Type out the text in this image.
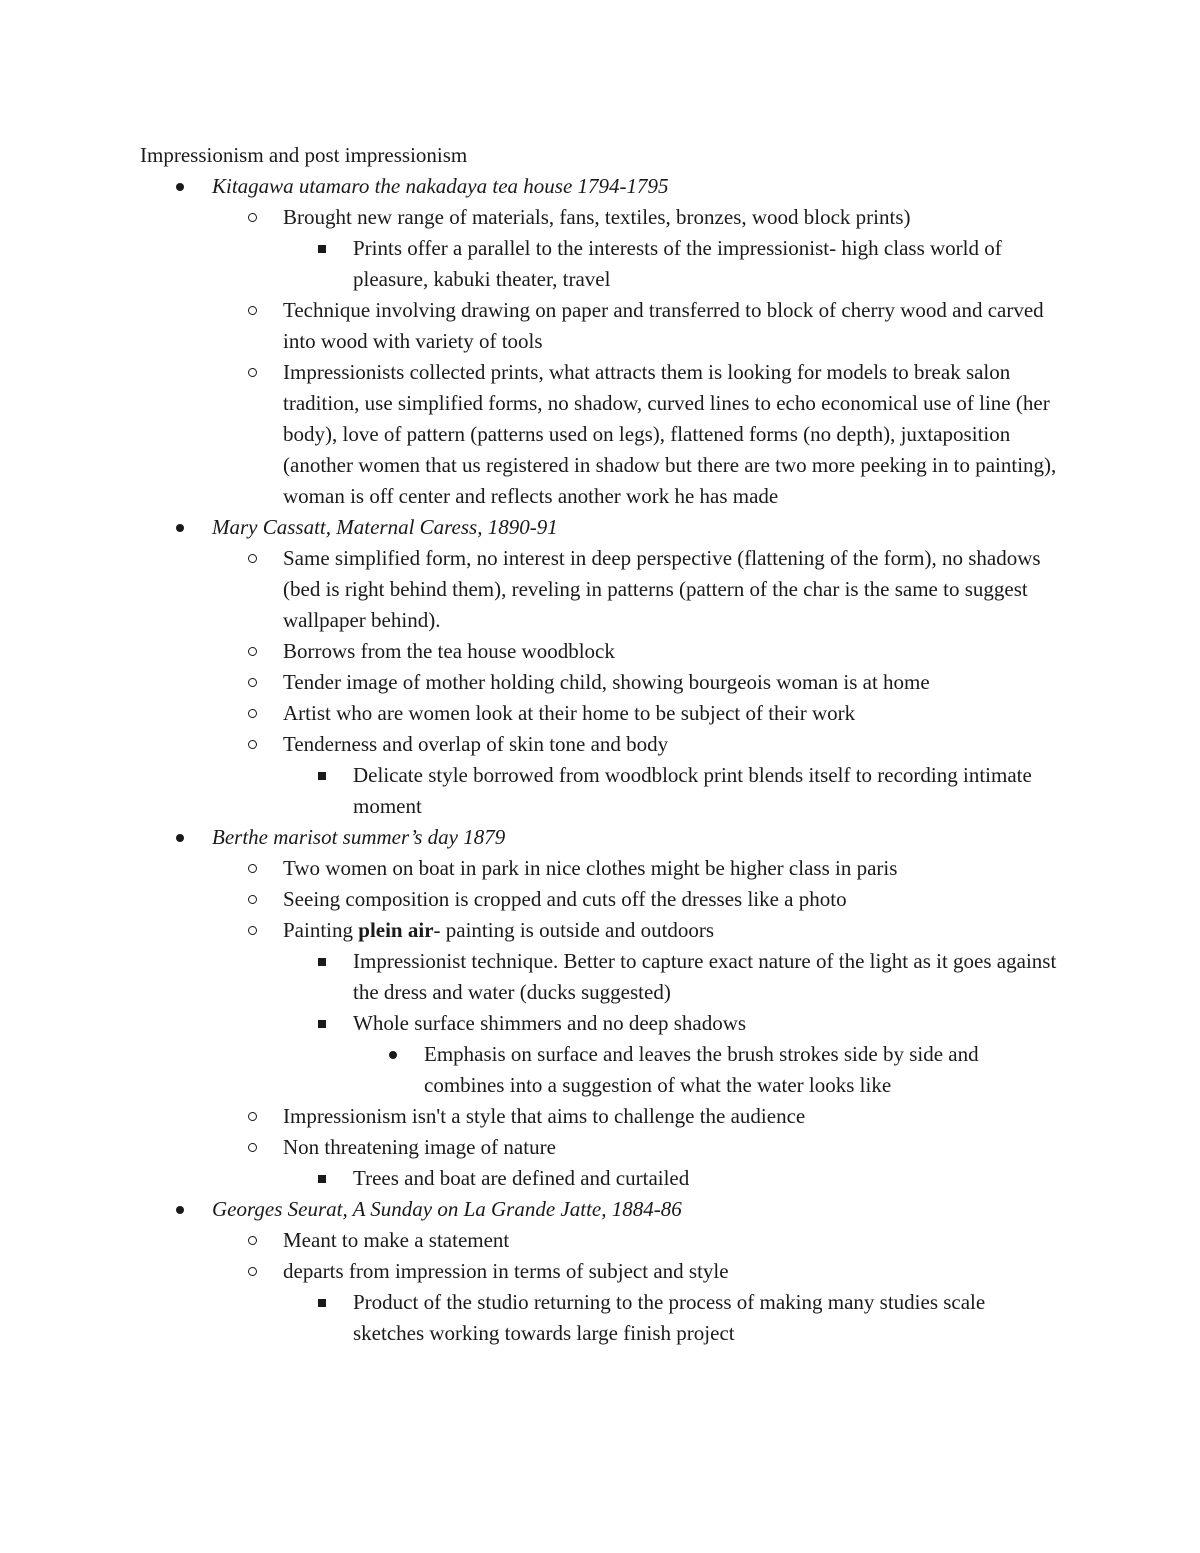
Impressionism and post impressionism
Kitagawa utamaro the nakadaya tea house 1794-1795
Brought new range of materials, fans, textiles, bronzes, wood block prints)
Prints offer a parallel to the interests of the impressionist- high class world of pleasure, kabuki theater, travel
Technique involving drawing on paper and transferred to block of cherry wood and carved into wood with variety of tools
Impressionists collected prints, what attracts them is looking for models to break salon tradition, use simplified forms, no shadow, curved lines to echo economical use of line (her body), love of pattern (patterns used on legs), flattened forms (no depth), juxtaposition (another women that us registered in shadow but there are two more peeking in to painting), woman is off center and reflects another work he has made
Mary Cassatt, Maternal Caress, 1890-91
Same simplified form, no interest in deep perspective (flattening of the form), no shadows (bed is right behind them), reveling in patterns (pattern of the char is the same to suggest wallpaper behind).
Borrows from the tea house woodblock
Tender image of mother holding child, showing bourgeois woman is at home
Artist who are women look at their home to be subject of their work
Tenderness and overlap of skin tone and body
Delicate style borrowed from woodblock print blends itself to recording intimate moment
Berthe marisot summer’s day 1879
Two women on boat in park in nice clothes might be higher class in paris
Seeing composition is cropped and cuts off the dresses like a photo
Painting plein air- painting is outside and outdoors
Impressionist technique. Better to capture exact nature of the light as it goes against the dress and water (ducks suggested)
Whole surface shimmers and no deep shadows
Emphasis on surface and leaves the brush strokes side by side and combines into a suggestion of what the water looks like
Impressionism isn't a style that aims to challenge the audience
Non threatening image of nature
Trees and boat are defined and curtailed
Georges Seurat, A Sunday on La Grande Jatte, 1884-86
Meant to make a statement
departs from impression in terms of subject and style
Product of the studio returning to the process of making many studies scale sketches working towards large finish project
